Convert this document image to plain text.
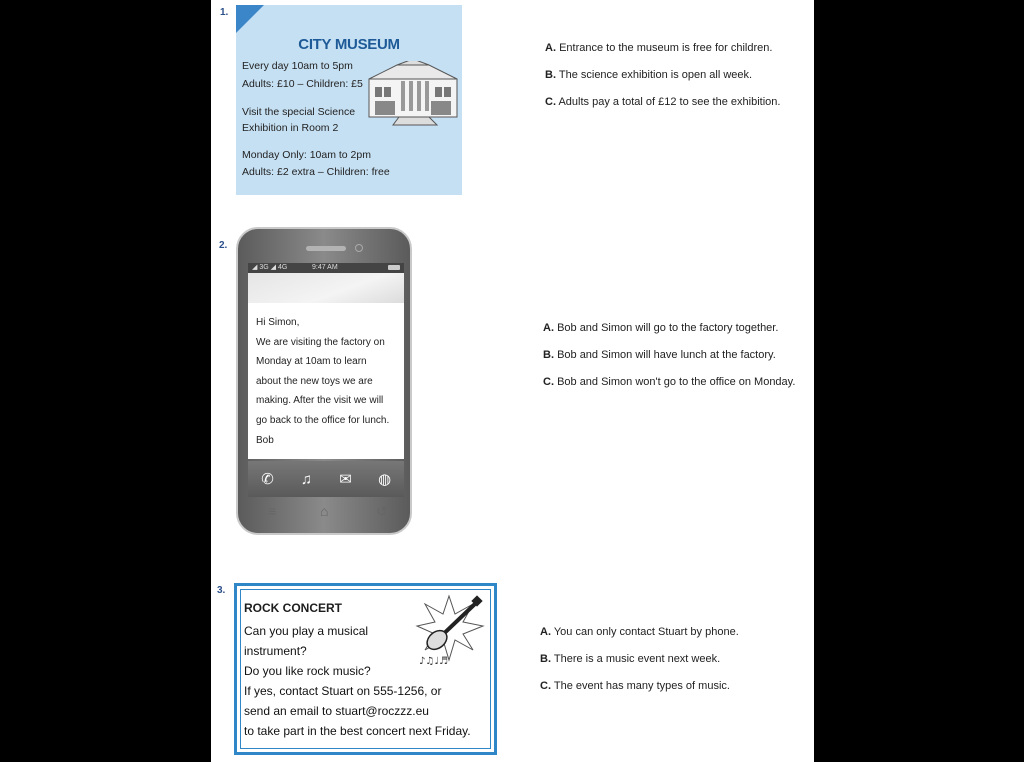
1.
CITY MUSEUM
Every day 10am to 5pm
Adults: £10 – Children: £5
Visit the special Science
Exhibition in Room 2
Monday Only: 10am to 2pm
Adults: £2 extra – Children: free
A. Entrance to the museum is free for children.
B. The science exhibition is open all week.
C. Adults pay a total of £12 to see the exhibition.
2.
◢ 3G ◢ 4G	9:47 AM
Hi Simon,
We are visiting the factory on
Monday at 10am to learn
about the new toys we are
making. After the visit we will
go back to the office for lunch.
Bob
✆ ♫ ✉ ◍
≡	⌂	↺
A. Bob and Simon will go to the factory together.
B. Bob and Simon will have lunch at the factory.
C. Bob and Simon won't go to the office on Monday.
3.
ROCK CONCERT
Can you play a musical
instrument?
Do you like rock music?
If yes, contact Stuart on 555-1256, or
send an email to stuart@roczzz.eu
to take part in the best concert next Friday.
♪♫♩♬
A. You can only contact Stuart by phone.
B. There is a music event next week.
C. The event has many types of music.
